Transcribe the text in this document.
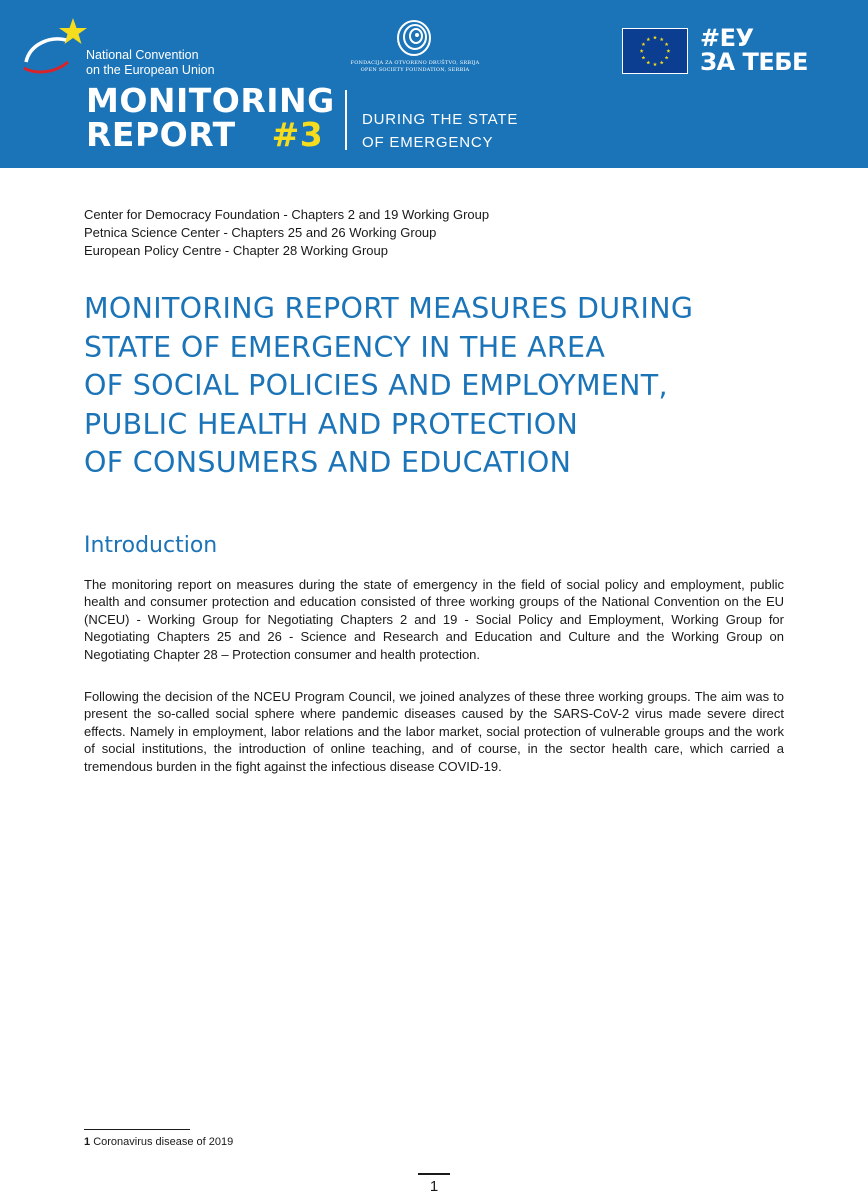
National Convention
on the European Union	FONDACIJA ZA OTVORENO DRUŠTVO, SRBIJA
OPEN SOCIETY FOUNDATION, SERBIA
#ЕУ
ЗА ТЕБЕ
MONITORING
REPORT #3	DURING THE STATE
OF EMERGENCY
Center for Democracy Foundation - Chapters 2 and 19 Working Group
Petnica Science Center - Chapters 25 and 26 Working Group
European Policy Centre - Chapter 28 Working Group
MONITORING REPORT MEASURES DURING
STATE OF EMERGENCY IN THE AREA
OF SOCIAL POLICIES AND EMPLOYMENT,
PUBLIC HEALTH AND PROTECTION
OF CONSUMERS AND EDUCATION
Introduction

The monitoring report on measures during the state of emergency in the field of social policy and employment, public health and consumer protection and education consisted of three working groups of the National Convention on the EU (NCEU) - Working Group for Negotiating Chapters 2 and 19 - Social Policy and Employment, Working Group for Negotiating Chapters 25 and 26 - Science and Research and Education and Culture and the Working Group on Negotiating Chapter 28 – Protection consumer and health protection.

Following the decision of the NCEU Program Council, we joined analyzes of these three working groups. The aim was to present the so-called social sphere where pandemic diseases caused by the SARS-CoV-2 virus made severe direct effects. Namely in employment, labor relations and the labor market, social protection of vulnerable groups and the work of social institutions, the introduction of online teaching, and of course, in the sector health care, which carried a tremendous burden in the fight against the infectious disease COVID-19.

1 Coronavirus disease of 2019
1
